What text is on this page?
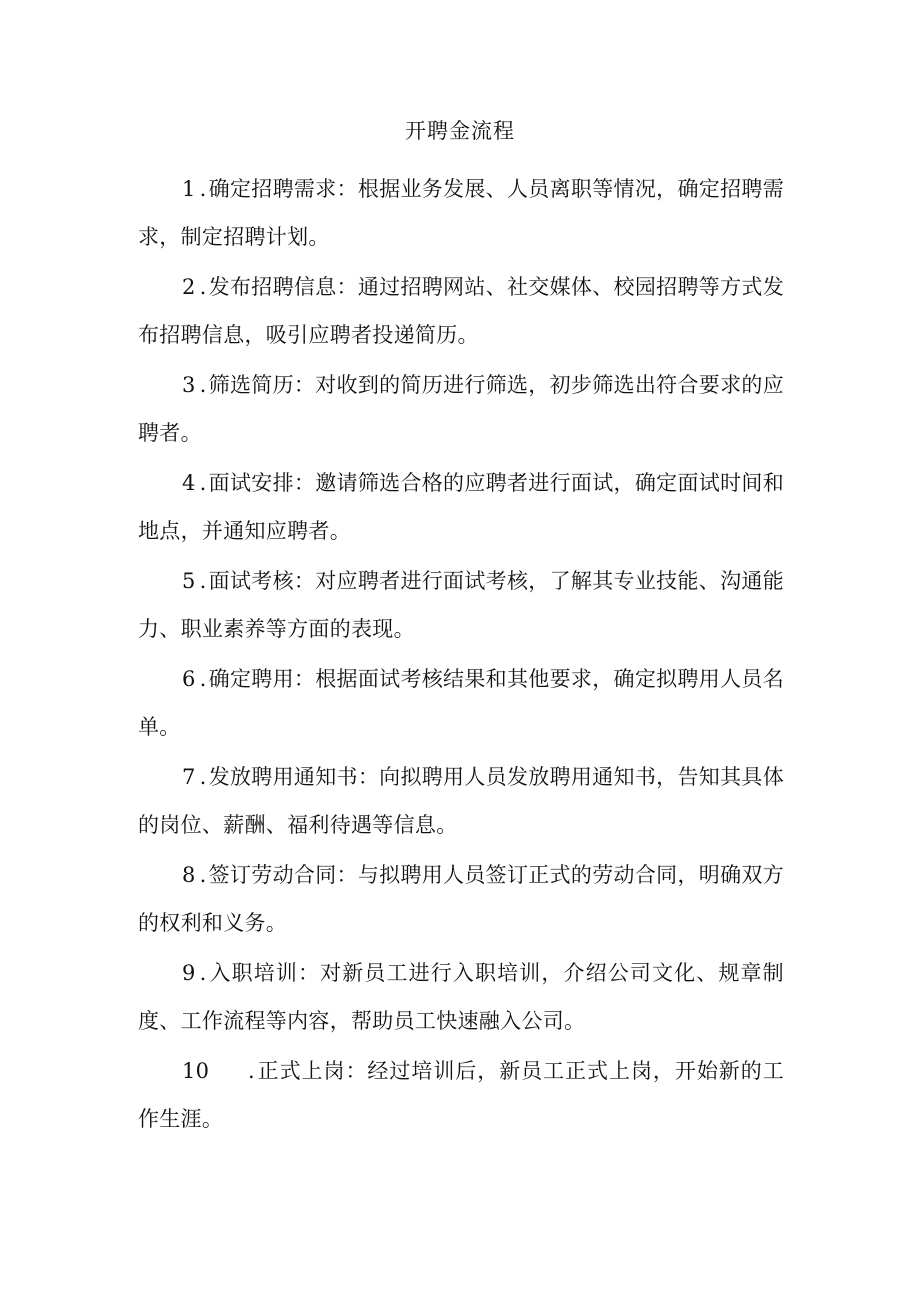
开聘金流程
1 .确定招聘需求：根据业务发展、人员离职等情况，确定招聘需求，制定招聘计划。
2 .发布招聘信息：通过招聘网站、社交媒体、校园招聘等方式发布招聘信息，吸引应聘者投递简历。
3 .筛选简历：对收到的简历进行筛选，初步筛选出符合要求的应聘者。
4 .面试安排：邀请筛选合格的应聘者进行面试，确定面试时间和地点，并通知应聘者。
5 .面试考核：对应聘者进行面试考核，了解其专业技能、沟通能力、职业素养等方面的表现。
6 .确定聘用：根据面试考核结果和其他要求，确定拟聘用人员名单。
7 .发放聘用通知书：向拟聘用人员发放聘用通知书，告知其具体的岗位、薪酬、福利待遇等信息。
8 .签订劳动合同：与拟聘用人员签订正式的劳动合同，明确双方的权利和义务。
9 .入职培训：对新员工进行入职培训，介绍公司文化、规章制度、工作流程等内容，帮助员工快速融入公司。
10 .正式上岗：经过培训后，新员工正式上岗，开始新的工作生涯。
